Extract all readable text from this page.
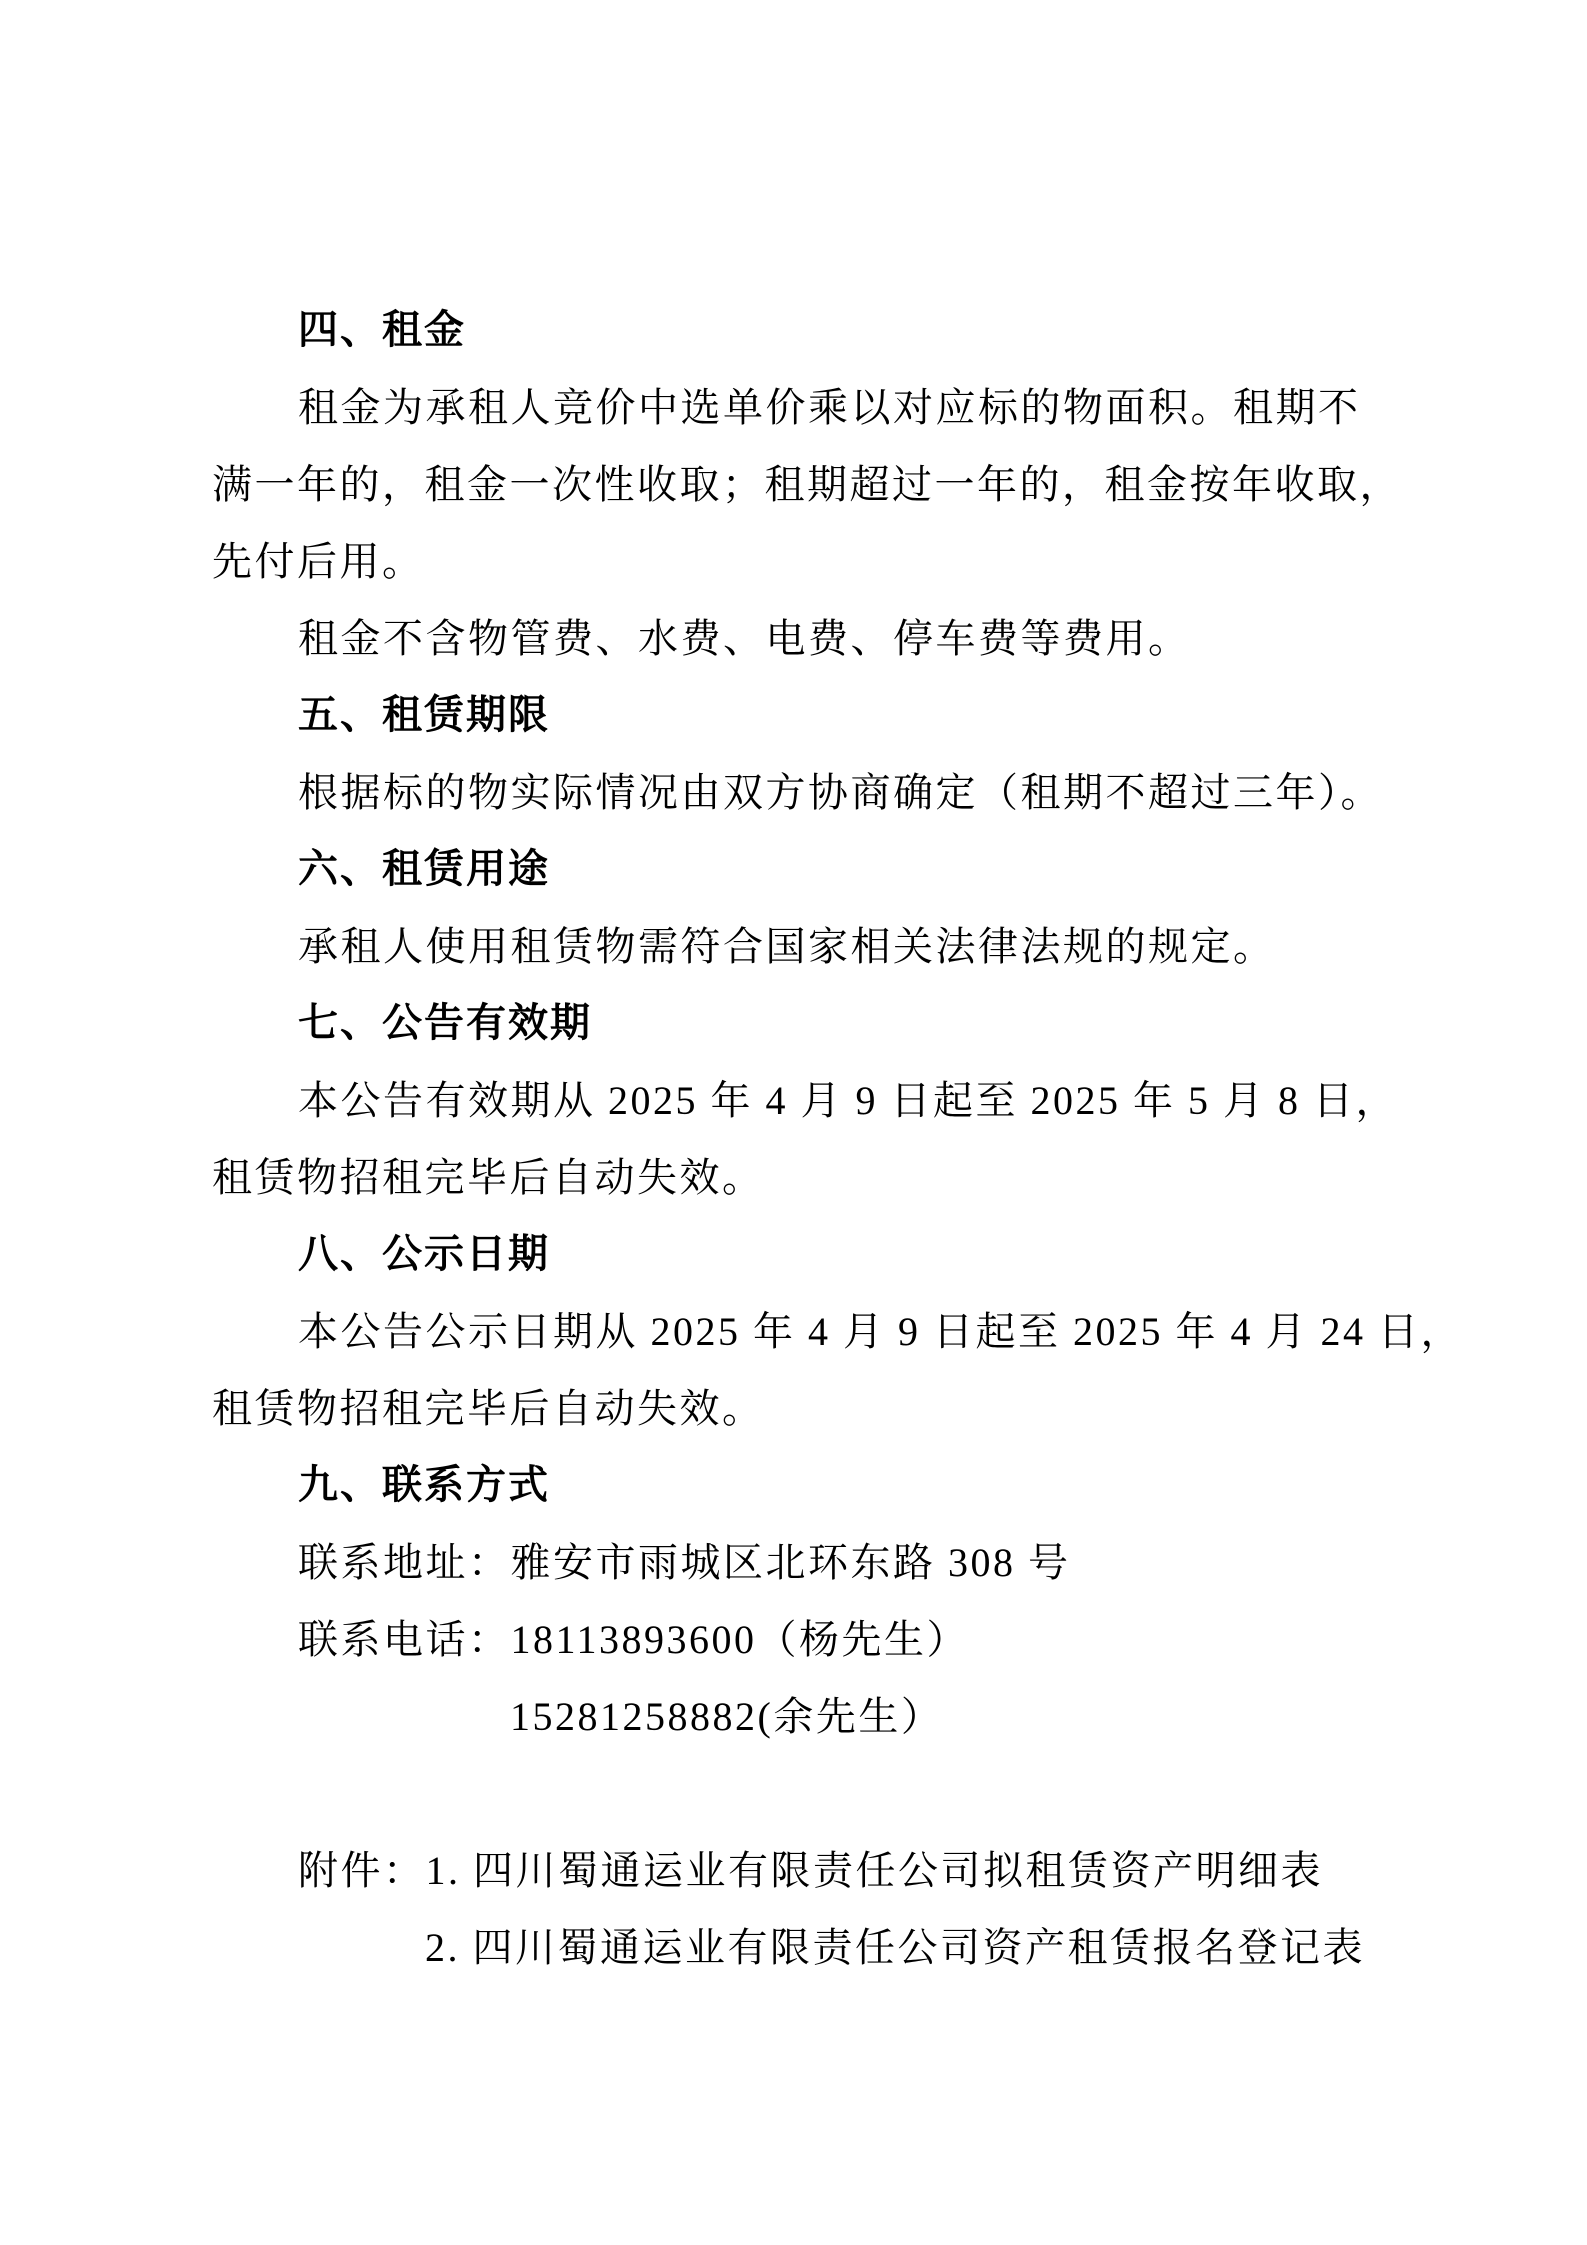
四、租金
租金为承租人竞价中选单价乘以对应标的物面积。租期不
满一年的，租金一次性收取；租期超过一年的，租金按年收取，
先付后用。
租金不含物管费、水费、电费、停车费等费用。
五、租赁期限
根据标的物实际情况由双方协商确定（租期不超过三年）。
六、租赁用途
承租人使用租赁物需符合国家相关法律法规的规定。
七、公告有效期
本公告有效期从 2025 年 4 月 9 日起至 2025 年 5 月 8 日，
租赁物招租完毕后自动失效。
八、公示日期
本公告公示日期从 2025 年 4 月 9 日起至 2025 年 4 月 24 日，
租赁物招租完毕后自动失效。
九、联系方式
联系地址：雅安市雨城区北环东路 308 号
联系电话：18113893600（杨先生）
15281258882(余先生）
附件：1. 四川蜀通运业有限责任公司拟租赁资产明细表
2. 四川蜀通运业有限责任公司资产租赁报名登记表
